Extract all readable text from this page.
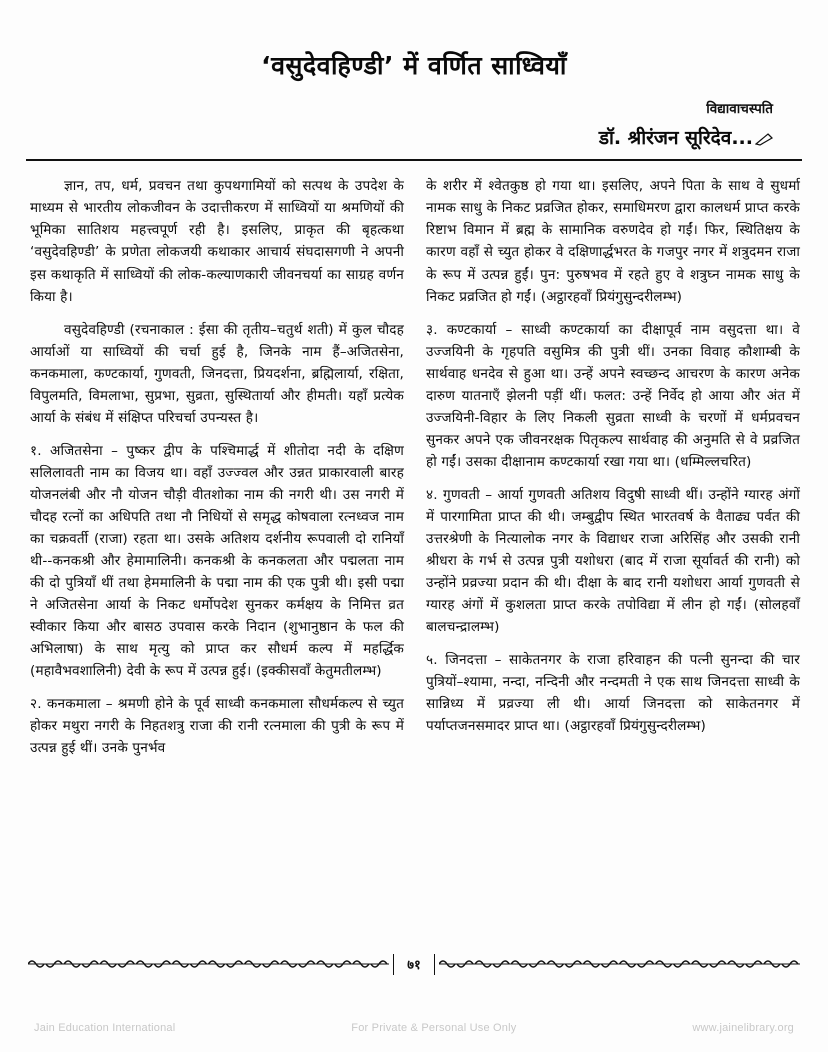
‘वसुदेवहिण्डी’ में वर्णित साध्वियाँ
विद्यावाचस्पति
डॉ. श्रीरंजन सूरिदेव...

ज्ञान, तप, धर्म, प्रवचन तथा कुपथगामियों को सत्पथ के उपदेश के माध्यम से भारतीय लोकजीवन के उदात्तीकरण में साध्वियों या श्रमणियों की भूमिका सातिशय महत्त्वपूर्ण रही है। इसलिए, प्राकृत की बृहत्कथा ‘वसुदेवहिण्डी’ के प्रणेता लोकजयी कथाकार आचार्य संघदासगणी ने अपनी इस कथाकृति में साध्वियों की लोक-कल्याणकारी जीवनचर्या का साग्रह वर्णन किया है।

वसुदेवहिण्डी (रचनाकाल : ईसा की तृतीय–चतुर्थ शती) में कुल चौदह आर्याओं या साध्वियों की चर्चा हुई है, जिनके नाम हैं–अजितसेना, कनकमाला, कण्टकार्या, गुणवती, जिनदत्ता, प्रियदर्शना, ब्रह्मिलार्या, रक्षिता, विपुलमति, विमलाभा, सुप्रभा, सुव्रता, सुस्थितार्या और हीमती। यहाँ प्रत्येक आर्या के संबंध में संक्षिप्त परिचर्चा उपन्यस्त है।

१. अजितसेना – पुष्कर द्वीप के पश्चिमार्द्ध में शीतोदा नदी के दक्षिण सलिलावती नाम का विजय था। वहाँ उज्ज्वल और उन्नत प्राकारवाली बारह योजनलंबी और नौ योजन चौड़ी वीतशोका नाम की नगरी थी। उस नगरी में चौदह रत्नों का अधिपति तथा नौ निधियों से समृद्ध कोषवाला रत्नध्वज नाम का चक्रवर्ती (राजा) रहता था। उसके अतिशय दर्शनीय रूपवाली दो रानियाँ थी--कनकश्री और हेमामालिनी। कनकश्री के कनकलता और पद्मलता नाम की दो पुत्रियाँ थीं तथा हेममालिनी के पद्मा नाम की एक पुत्री थी। इसी पद्मा ने अजितसेना आर्या के निकट धर्मोपदेश सुनकर कर्मक्षय के निमित्त व्रत स्वीकार किया और बासठ उपवास करके निदान (शुभानुष्ठान के फल की अभिलाषा) के साथ मृत्यु को प्राप्त कर सौधर्म कल्प में महर्द्धिक (महावैभवशालिनी) देवी के रूप में उत्पन्न हुई। (इक्कीसवाँ केतुमतीलम्भ)

२. कनकमाला – श्रमणी होने के पूर्व साध्वी कनकमाला सौधर्मकल्प से च्युत होकर मथुरा नगरी के निहतशत्रु राजा की रानी रत्नमाला की पुत्री के रूप में उत्पन्न हुई थीं। उनके पुनर्भव

के शरीर में श्वेतकुष्ठ हो गया था। इसलिए, अपने पिता के साथ वे सुधर्मा नामक साधु के निकट प्रव्रजित होकर, समाधिमरण द्वारा कालधर्म प्राप्त करके रिष्टाभ विमान में ब्रह्म के सामानिक वरुणदेव हो गईं। फिर, स्थितिक्षय के कारण वहाँ से च्युत होकर वे दक्षिणार्द्धभरत के गजपुर नगर में शत्रुदमन राजा के रूप में उत्पन्न हुईं। पुन: पुरुषभव में रहते हुए वे शत्रुघ्न नामक साधु के निकट प्रव्रजित हो गईं। (अट्ठारहवाँ प्रियंगुसुन्दरीलम्भ)

३. कण्टकार्या – साध्वी कण्टकार्या का दीक्षापूर्व नाम वसुदत्ता था। वे उज्जयिनी के गृहपति वसुमित्र की पुत्री थीं। उनका विवाह कौशाम्बी के सार्थवाह धनदेव से हुआ था। उन्हें अपने स्वच्छन्द आचरण के कारण अनेक दारुण यातनाएँ झेलनी पड़ीं थीं। फलत: उन्हें निर्वेद हो आया और अंत में उज्जयिनी-विहार के लिए निकली सुव्रता साध्वी के चरणों में धर्मप्रवचन सुनकर अपने एक जीवनरक्षक पितृकल्प सार्थवाह की अनुमति से वे प्रव्रजित हो गईं। उसका दीक्षानाम कण्टकार्या रखा गया था। (धम्मिल्लचरित)

४. गुणवती – आर्या गुणवती अतिशय विदुषी साध्वी थीं। उन्होंने ग्यारह अंगों में पारगामिता प्राप्त की थी। जम्बुद्वीप स्थित भारतवर्ष के वैताढ्य पर्वत की उत्तरश्रेणी के नित्यालोक नगर के विद्याधर राजा अरिसिंह और उसकी रानी श्रीधरा के गर्भ से उत्पन्न पुत्री यशोधरा (बाद में राजा सूर्यावर्त की रानी) को उन्होंने प्रव्रज्या प्रदान की थी। दीक्षा के बाद रानी यशोधरा आर्या गुणवती से ग्यारह अंगों में कुशलता प्राप्त करके तपोविद्या में लीन हो गईं। (सोलहवाँ बालचन्द्रालम्भ)

५. जिनदत्ता – साकेतनगर के राजा हरिवाहन की पत्नी सुनन्दा की चार पुत्रियों–श्यामा, नन्दा, नन्दिनी और नन्दमती ने एक साथ जिनदत्ता साध्वी के सान्निध्य में प्रव्रज्या ली थी। आर्या जिनदत्ता को साकेतनगर में पर्याप्तजनसमादर प्राप्त था। (अट्ठारहवाँ प्रियंगुसुन्दरीलम्भ)

७१
Jain Education International	For Private & Personal Use Only	www.jainelibrary.org
